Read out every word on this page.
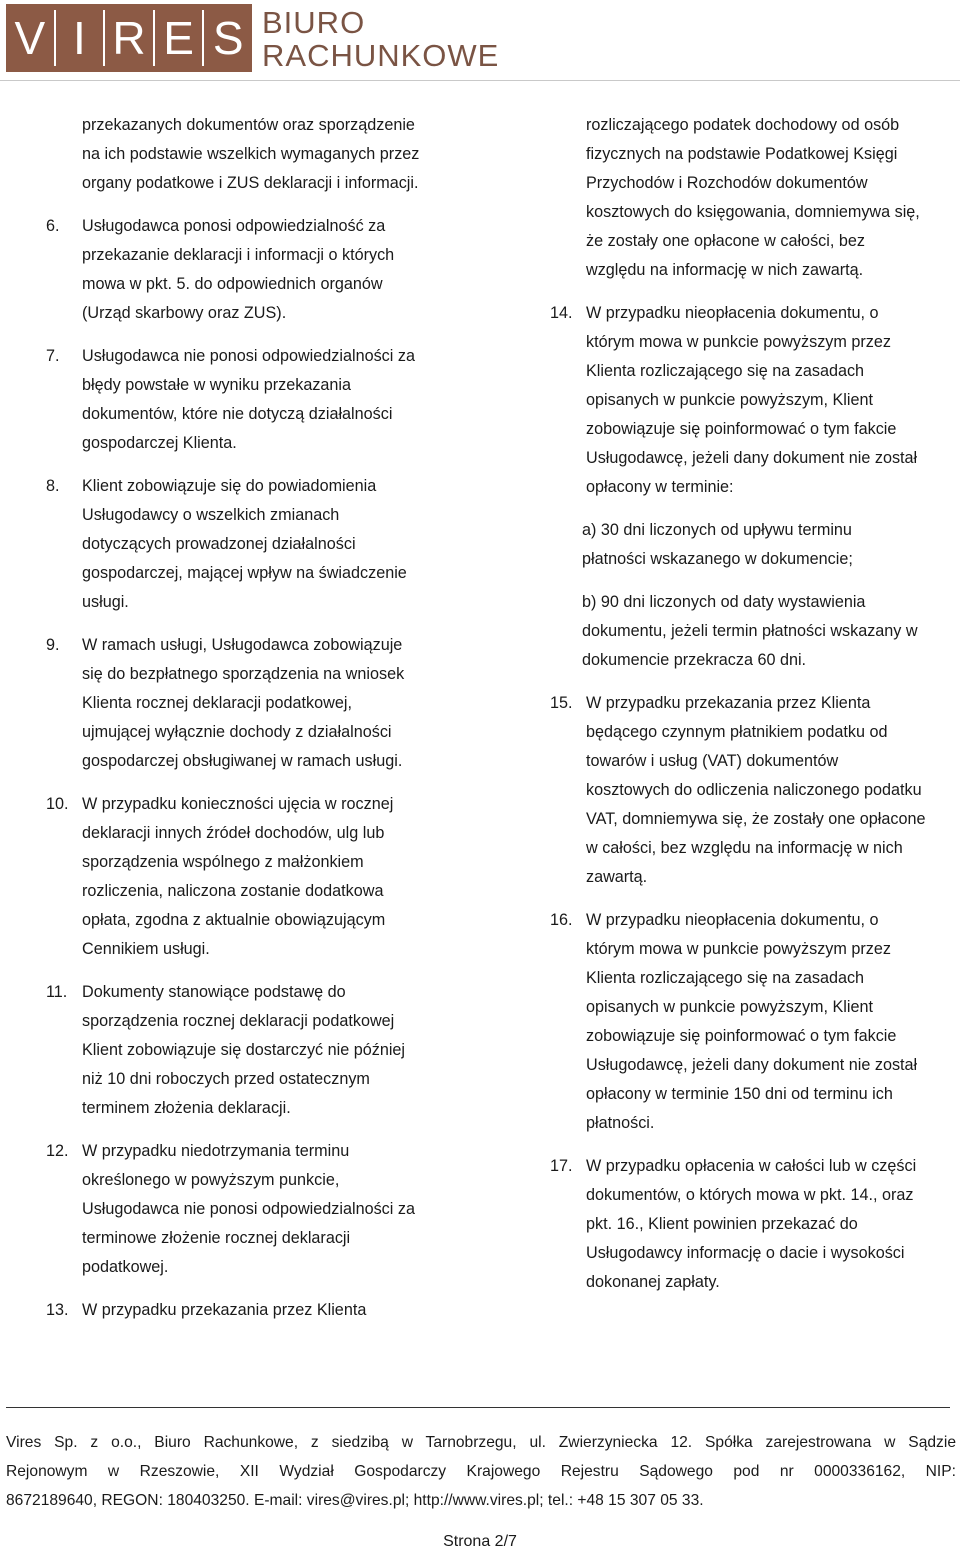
V I R E S BIURO
RACHUNKOWE
przekazanych dokumentów oraz sporządzenie
na ich podstawie wszelkich wymaganych przez
organy podatkowe i ZUS deklaracji i informacji.
6. Usługodawca ponosi odpowiedzialność za
przekazanie deklaracji i informacji o których
mowa w pkt. 5. do odpowiednich organów
(Urząd skarbowy oraz ZUS).
7. Usługodawca nie ponosi odpowiedzialności za
błędy powstałe w wyniku przekazania
dokumentów, które nie dotyczą działalności
gospodarczej Klienta.
8. Klient zobowiązuje się do powiadomienia
Usługodawcy o wszelkich zmianach
dotyczących prowadzonej działalności
gospodarczej, mającej wpływ na świadczenie
usługi.
9. W ramach usługi, Usługodawca zobowiązuje
się do bezpłatnego sporządzenia na wniosek
Klienta rocznej deklaracji podatkowej,
ujmującej wyłącznie dochody z działalności
gospodarczej obsługiwanej w ramach usługi.
10. W przypadku konieczności ujęcia w rocznej
deklaracji innych źródeł dochodów, ulg lub
sporządzenia wspólnego z małżonkiem
rozliczenia, naliczona zostanie dodatkowa
opłata, zgodna z aktualnie obowiązującym
Cennikiem usługi.
11. Dokumenty stanowiące podstawę do
sporządzenia rocznej deklaracji podatkowej
Klient zobowiązuje się dostarczyć nie później
niż 10 dni roboczych przed ostatecznym
terminem złożenia deklaracji.
12. W przypadku niedotrzymania terminu
określonego w powyższym punkcie,
Usługodawca nie ponosi odpowiedzialności za
terminowe złożenie rocznej deklaracji
podatkowej.
13. W przypadku przekazania przez Klienta
rozliczającego podatek dochodowy od osób
fizycznych na podstawie Podatkowej Księgi
Przychodów i Rozchodów dokumentów
kosztowych do księgowania, domniemywa się,
że zostały one opłacone w całości, bez
względu na informację w nich zawartą.
14. W przypadku nieopłacenia dokumentu, o
którym mowa w punkcie powyższym przez
Klienta rozliczającego się na zasadach
opisanych w punkcie powyższym, Klient
zobowiązuje się poinformować o tym fakcie
Usługodawcę, jeżeli dany dokument nie został
opłacony w terminie:
a) 30 dni liczonych od upływu terminu
płatności wskazanego w dokumencie;
b) 90 dni liczonych od daty wystawienia
dokumentu, jeżeli termin płatności wskazany w
dokumencie przekracza 60 dni.
15. W przypadku przekazania przez Klienta
będącego czynnym płatnikiem podatku od
towarów i usług (VAT) dokumentów
kosztowych do odliczenia naliczonego podatku
VAT, domniemywa się, że zostały one opłacone
w całości, bez względu na informację w nich
zawartą.
16. W przypadku nieopłacenia dokumentu, o
którym mowa w punkcie powyższym przez
Klienta rozliczającego się na zasadach
opisanych w punkcie powyższym, Klient
zobowiązuje się poinformować o tym fakcie
Usługodawcę, jeżeli dany dokument nie został
opłacony w terminie 150 dni od terminu ich
płatności.
17. W przypadku opłacenia w całości lub w części
dokumentów, o których mowa w pkt. 14., oraz
pkt. 16., Klient powinien przekazać do
Usługodawcy informację o dacie i wysokości
dokonanej zapłaty.
Vires Sp. z o.o., Biuro Rachunkowe, z siedzibą w Tarnobrzegu, ul. Zwierzyniecka 12. Spółka zarejestrowana w Sądzie
Rejonowym w Rzeszowie, XII Wydział Gospodarczy Krajowego Rejestru Sądowego pod nr 0000336162, NIP:
8672189640, REGON: 180403250. E-mail: vires@vires.pl; http://www.vires.pl; tel.: +48 15 307 05 33.
Strona 2/7
